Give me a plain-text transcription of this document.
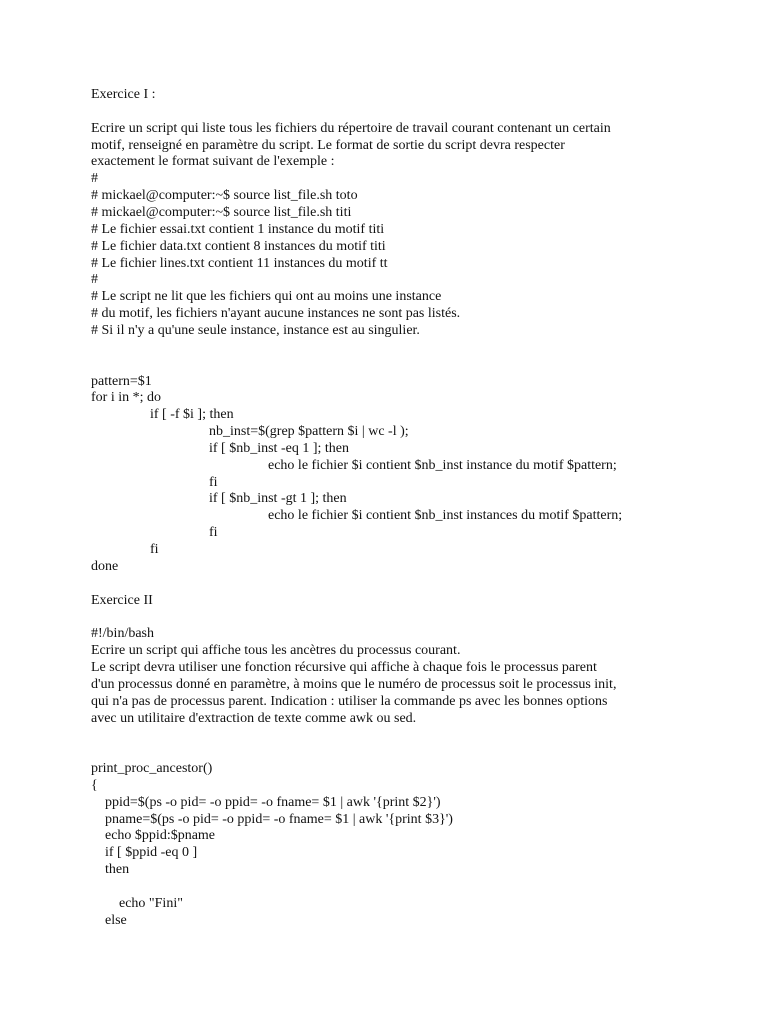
Exercice I :
Ecrire un script qui liste tous les fichiers du répertoire de travail courant contenant un certain
motif, renseigné en paramètre du script. Le format de sortie du script devra respecter
exactement le format suivant de l'exemple :
#
# mickael@computer:~$ source list_file.sh toto
# mickael@computer:~$ source list_file.sh titi
# Le fichier essai.txt contient 1 instance du motif titi
# Le fichier data.txt contient 8 instances du motif titi
# Le fichier lines.txt contient 11 instances du motif tt
#
# Le script ne lit que les fichiers qui ont au moins une instance
# du motif, les fichiers n'ayant aucune instances ne sont pas listés.
# Si il n'y a qu'une seule instance, instance est au singulier.
pattern=$1
for i in *; do
if [ -f $i ]; then
nb_inst=$(grep $pattern $i | wc -l );
if [ $nb_inst -eq 1 ]; then
echo le fichier $i contient $nb_inst instance du motif $pattern;
fi
if [ $nb_inst -gt 1 ]; then
echo le fichier $i contient $nb_inst instances du motif $pattern;
fi
fi
done
Exercice II
#!/bin/bash
Ecrire un script qui affiche tous les ancètres du processus courant.
Le script devra utiliser une fonction récursive qui affiche à chaque fois le processus parent
d'un processus donné en paramètre, à moins que le numéro de processus soit le processus init,
qui n'a pas de processus parent. Indication : utiliser la commande ps avec les bonnes options
avec un utilitaire d'extraction de texte comme awk ou sed.
print_proc_ancestor()
{
ppid=$(ps -o pid= -o ppid= -o fname= $1 | awk '{print $2}')
pname=$(ps -o pid= -o ppid= -o fname= $1 | awk '{print $3}')
echo $ppid:$pname
if [ $ppid -eq 0 ]
then
echo "Fini"
else
